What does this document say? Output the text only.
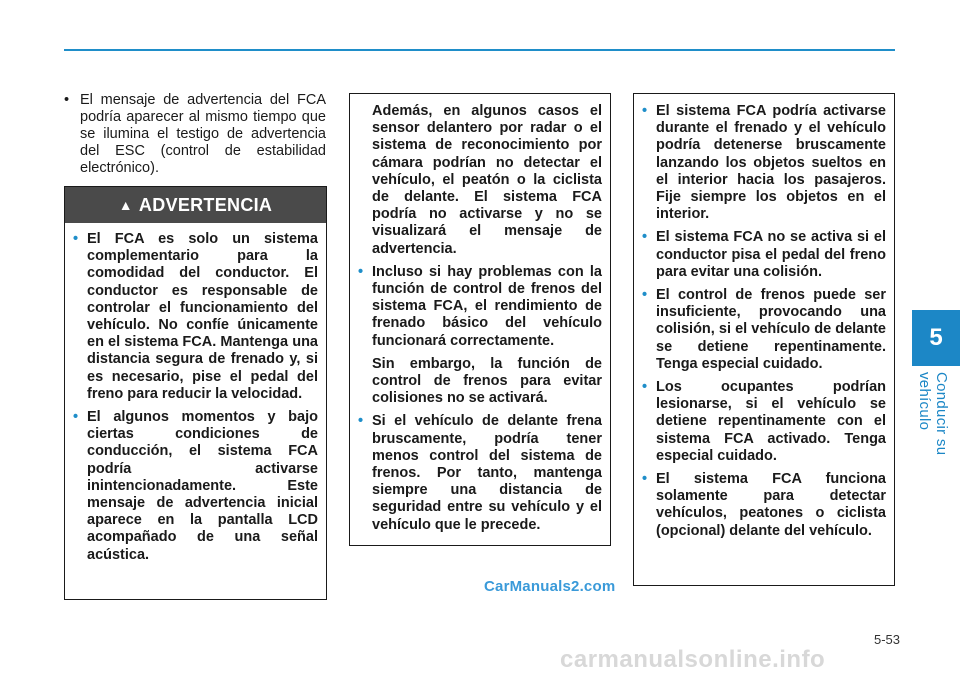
• El mensaje de advertencia del FCA podría aparecer al mismo tiempo que se ilumina el testigo de advertencia del ESC (control de estabilidad electrónico).
▲ ADVERTENCIA
• El FCA es solo un sistema complementario para la comodidad del conductor. El conductor es responsable de controlar el funcionamiento del vehículo. No confíe únicamente en el sistema FCA. Mantenga una distancia segura de frenado y, si es necesario, pise el pedal del freno para reducir la velocidad.
• El algunos momentos y bajo ciertas condiciones de conducción, el sistema FCA podría activarse inintencionadamente. Este mensaje de advertencia inicial aparece en la pantalla LCD acompañado de una señal acústica.
Además, en algunos casos el sensor delantero por radar o el sistema de reconocimiento por cámara podrían no detectar el vehículo, el peatón o la ciclista de delante. El sistema FCA podría no activarse y no se visualizará el mensaje de advertencia.
• Incluso si hay problemas con la función de control de frenos del sistema FCA, el rendimiento de frenado básico del vehículo funcionará correctamente.
Sin embargo, la función de control de frenos para evitar colisiones no se activará.
• Si el vehículo de delante frena bruscamente, podría tener menos control del sistema de frenos. Por tanto, mantenga siempre una distancia de seguridad entre su vehículo y el vehículo que le precede.
• El sistema FCA podría activarse durante el frenado y el vehículo podría detenerse bruscamente lanzando los objetos sueltos en el interior hacia los pasajeros. Fije siempre los objetos en el interior.
• El sistema FCA no se activa si el conductor pisa el pedal del freno para evitar una colisión.
• El control de frenos puede ser insuficiente, provocando una colisión, si el vehículo de delante se detiene repentinamente. Tenga especial cuidado.
• Los ocupantes podrían lesionarse, si el vehículo se detiene repentinamente con el sistema FCA activado. Tenga especial cuidado.
• El sistema FCA funciona solamente para detectar vehículos, peatones o ciclista (opcional) delante del vehículo.
5
Conducir su vehículo
CarManuals2.com
5-53
carmanualsonline.info
